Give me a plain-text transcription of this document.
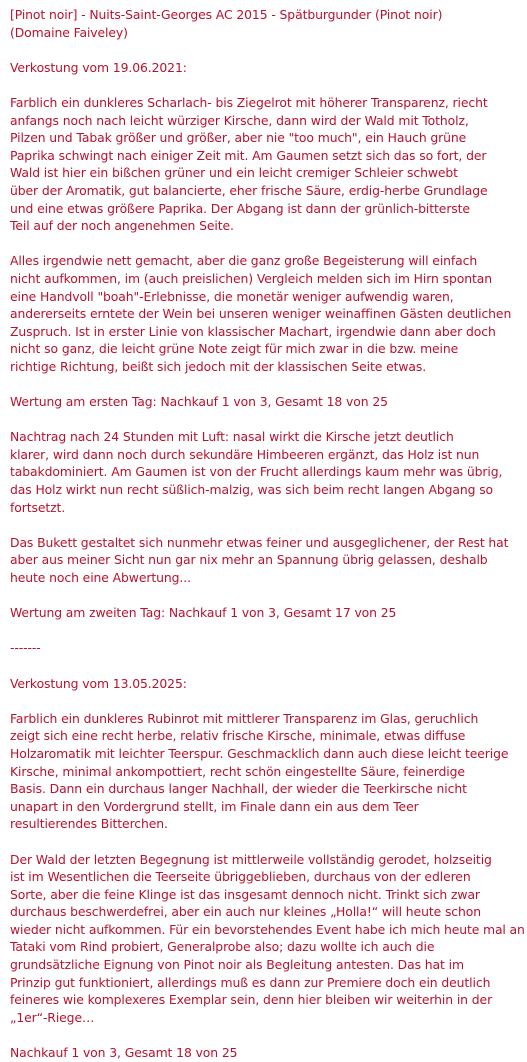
[Pinot noir] - Nuits-Saint-Georges AC 2015 - Spätburgunder (Pinot noir)
(Domaine Faiveley)
Verkostung vom 19.06.2021:
Farblich ein dunkleres Scharlach- bis Ziegelrot mit höherer Transparenz, riecht
anfangs noch nach leicht würziger Kirsche, dann wird der Wald mit Totholz,
Pilzen und Tabak größer und größer, aber nie "too much", ein Hauch grüne
Paprika schwingt nach einiger Zeit mit. Am Gaumen setzt sich das so fort, der
Wald ist hier ein bißchen grüner und ein leicht cremiger Schleier schwebt
über der Aromatik, gut balancierte, eher frische Säure, erdig-herbe Grundlage
und eine etwas größere Paprika. Der Abgang ist dann der grünlich-bitterste
Teil auf der noch angenehmen Seite.
Alles irgendwie nett gemacht, aber die ganz große Begeisterung will einfach
nicht aufkommen, im (auch preislichen) Vergleich melden sich im Hirn spontan
eine Handvoll "boah"-Erlebnisse, die monetär weniger aufwendig waren,
andererseits erntete der Wein bei unseren weniger weinaffinen Gästen deutlichen
Zuspruch. Ist in erster Linie von klassischer Machart, irgendwie dann aber doch
nicht so ganz, die leicht grüne Note zeigt für mich zwar in die bzw. meine
richtige Richtung, beißt sich jedoch mit der klassischen Seite etwas.
Wertung am ersten Tag: Nachkauf 1 von 3, Gesamt 18 von 25
Nachtrag nach 24 Stunden mit Luft: nasal wirkt die Kirsche jetzt deutlich
klarer, wird dann noch durch sekundäre Himbeeren ergänzt, das Holz ist nun
tabakdominiert. Am Gaumen ist von der Frucht allerdings kaum mehr was übrig,
das Holz wirkt nun recht süßlich-malzig, was sich beim recht langen Abgang so
fortsetzt.
Das Bukett gestaltet sich nunmehr etwas feiner und ausgeglichener, der Rest hat
aber aus meiner Sicht nun gar nix mehr an Spannung übrig gelassen, deshalb
heute noch eine Abwertung...
Wertung am zweiten Tag: Nachkauf 1 von 3, Gesamt 17 von 25
-------
Verkostung vom 13.05.2025:
Farblich ein dunkleres Rubinrot mit mittlerer Transparenz im Glas, geruchlich
zeigt sich eine recht herbe, relativ frische Kirsche, minimale, etwas diffuse
Holzaromatik mit leichter Teerspur. Geschmacklich dann auch diese leicht teerige
Kirsche, minimal ankompottiert, recht schön eingestellte Säure, feinerdige
Basis. Dann ein durchaus langer Nachhall, der wieder die Teerkirsche nicht
unapart in den Vordergrund stellt, im Finale dann ein aus dem Teer
resultierendes Bitterchen.
Der Wald der letzten Begegnung ist mittlerweile vollständig gerodet, holzseitig
ist im Wesentlichen die Teerseite übriggeblieben, durchaus von der edleren
Sorte, aber die feine Klinge ist das insgesamt dennoch nicht. Trinkt sich zwar
durchaus beschwerdefrei, aber ein auch nur kleines „Holla!“ will heute schon
wieder nicht aufkommen. Für ein bevorstehendes Event habe ich mich heute mal an
Tataki vom Rind probiert, Generalprobe also; dazu wollte ich auch die
grundsätzliche Eignung von Pinot noir als Begleitung antesten. Das hat im
Prinzip gut funktioniert, allerdings muß es dann zur Premiere doch ein deutlich
feineres wie komplexeres Exemplar sein, denn hier bleiben wir weiterhin in der
„1er“-Riege…
Nachkauf 1 von 3, Gesamt 18 von 25
